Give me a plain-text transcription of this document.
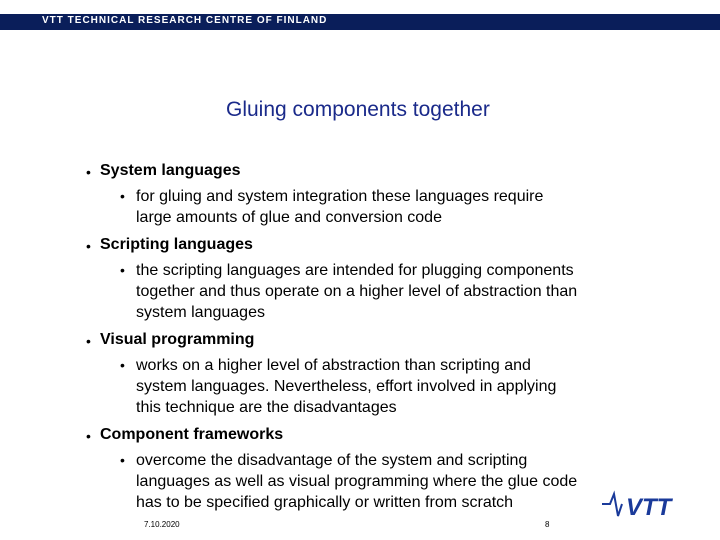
VTT TECHNICAL RESEARCH CENTRE OF FINLAND
Gluing components together
• System languages
• for gluing and system integration these languages require
large amounts of glue and conversion code
• Scripting languages
• the scripting languages are intended for plugging components
together and thus operate on a higher level of abstraction than
system languages
• Visual programming
• works on a higher level of abstraction than scripting and
system languages. Nevertheless, effort involved in applying
this technique are the disadvantages
• Component frameworks
• overcome the disadvantage of the system and scripting
languages as well as visual programming where the glue code
has to be specified graphically or written from scratch
7.10.2020	8
VTT
